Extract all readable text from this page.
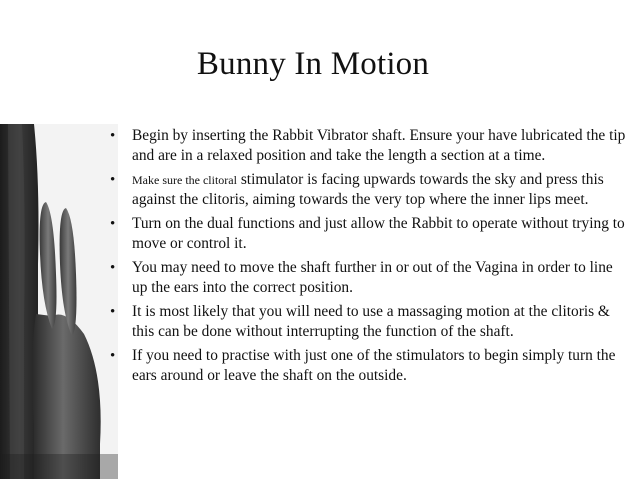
Bunny In Motion
• Begin by inserting the Rabbit Vibrator shaft. Ensure your have lubricated the tip and are in a relaxed position and take the length a section at a time.
• Make sure the clitoral stimulator is facing upwards towards the sky and press this against the clitoris, aiming towards the very top where the inner lips meet.
• Turn on the dual functions and just allow the Rabbit to operate without trying to move or control it.
• You may need to move the shaft further in or out of the Vagina in order to line up the ears into the correct position.
• It is most likely that you will need to use a massaging motion at the clitoris & this can be done without interrupting the function of the shaft.
• If you need to practise with just one of the stimulators to begin simply turn the ears around or leave the shaft on the outside.
